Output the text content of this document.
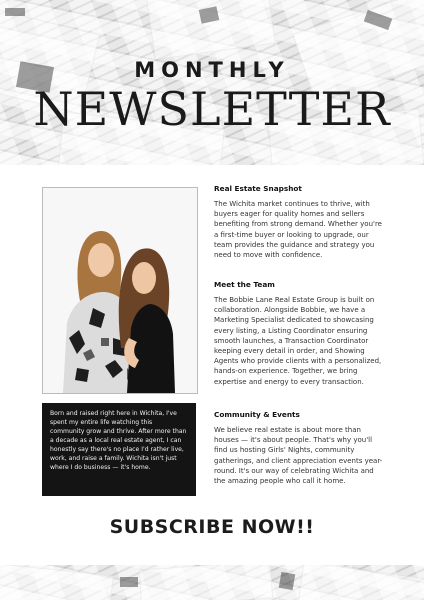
MONTHLY
NEWSLETTER

Born and raised right here in Wichita, I've spent my entire life watching this community grow and thrive. After more than a decade as a local real estate agent, I can honestly say there's no place I'd rather live, work, and raise a family. Wichita isn't just where I do business — it's home.

Real Estate Snapshot

The Wichita market continues to thrive, with buyers eager for quality homes and sellers benefiting from strong demand. Whether you're a first-time buyer or looking to upgrade, our team provides the guidance and strategy you need to move with confidence.

Meet the Team

The Bobbie Lane Real Estate Group is built on collaboration. Alongside Bobbie, we have a Marketing Specialist dedicated to showcasing every listing, a Listing Coordinator ensuring smooth launches, a Transaction Coordinator keeping every detail in order, and Showing Agents who provide clients with a personalized, hands-on experience. Together, we bring expertise and energy to every transaction.

Community & Events

We believe real estate is about more than houses — it's about people. That's why you'll find us hosting Girls' Nights, community gatherings, and client appreciation events year-round. It's our way of celebrating Wichita and the amazing people who call it home.

SUBSCRIBE NOW!!
